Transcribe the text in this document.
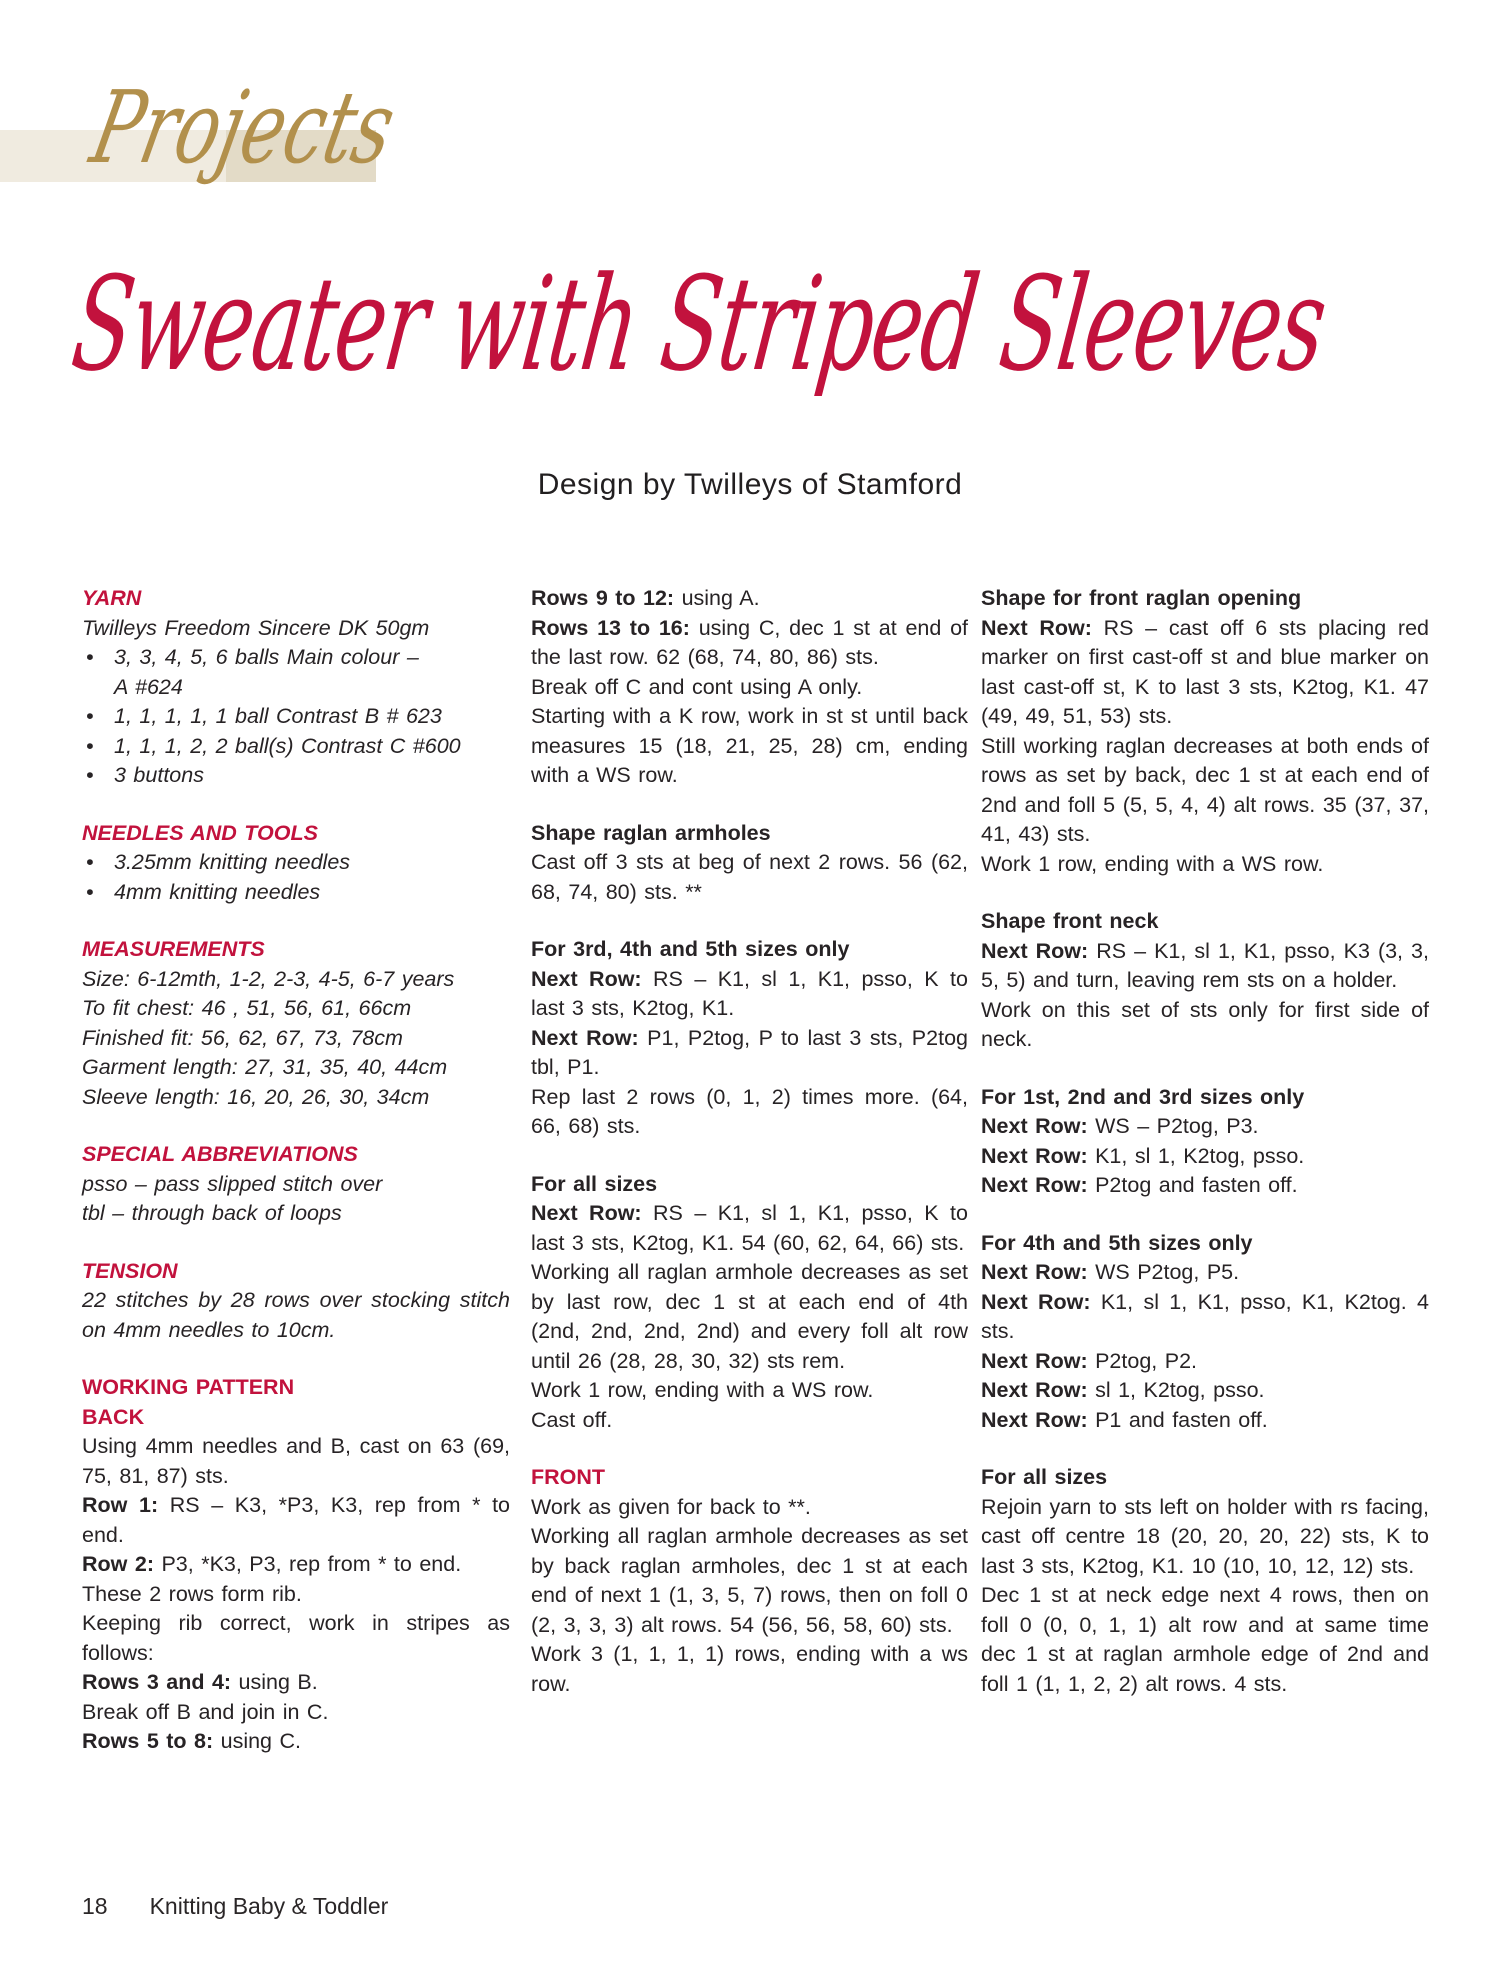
Projects
Sweater with Striped Sleeves
Design by Twilleys of Stamford
YARN
Twilleys Freedom Sincere DK 50gm
• 3, 3, 4, 5, 6 balls Main colour –
A #624
• 1, 1, 1, 1, 1 ball Contrast B # 623
• 1, 1, 1, 2, 2 ball(s) Contrast C #600
• 3 buttons
NEEDLES AND TOOLS
• 3.25mm knitting needles
• 4mm knitting needles
MEASUREMENTS
Size: 6-12mth, 1-2, 2-3, 4-5, 6-7 years
To fit chest: 46 , 51, 56, 61, 66cm
Finished fit: 56, 62, 67, 73, 78cm
Garment length: 27, 31, 35, 40, 44cm
Sleeve length: 16, 20, 26, 30, 34cm
SPECIAL ABBREVIATIONS
psso – pass slipped stitch over
tbl – through back of loops
TENSION
22 stitches by 28 rows over stocking stitch on 4mm needles to 10cm.
WORKING PATTERN
BACK
Using 4mm needles and B, cast on 63 (69, 75, 81, 87) sts.
Row 1: RS – K3, *P3, K3, rep from * to end.
Row 2: P3, *K3, P3, rep from * to end.
These 2 rows form rib.
Keeping rib correct, work in stripes as follows:
Rows 3 and 4: using B.
Break off B and join in C.
Rows 5 to 8: using C.
Rows 9 to 12: using A.
Rows 13 to 16: using C, dec 1 st at end of the last row. 62 (68, 74, 80, 86) sts.
Break off C and cont using A only.
Starting with a K row, work in st st until back measures 15 (18, 21, 25, 28) cm, ending with a WS row.
Shape raglan armholes
Cast off 3 sts at beg of next 2 rows. 56 (62, 68, 74, 80) sts. **
For 3rd, 4th and 5th sizes only
Next Row: RS – K1, sl 1, K1, psso, K to last 3 sts, K2tog, K1.
Next Row: P1, P2tog, P to last 3 sts, P2tog tbl, P1.
Rep last 2 rows (0, 1, 2) times more. (64, 66, 68) sts.
For all sizes
Next Row: RS – K1, sl 1, K1, psso, K to last 3 sts, K2tog, K1. 54 (60, 62, 64, 66) sts.
Working all raglan armhole decreases as set by last row, dec 1 st at each end of 4th (2nd, 2nd, 2nd, 2nd) and every foll alt row until 26 (28, 28, 30, 32) sts rem.
Work 1 row, ending with a WS row.
Cast off.
FRONT
Work as given for back to **.
Working all raglan armhole decreases as set by back raglan armholes, dec 1 st at each end of next 1 (1, 3, 5, 7) rows, then on foll 0 (2, 3, 3, 3) alt rows. 54 (56, 56, 58, 60) sts.
Work 3 (1, 1, 1, 1) rows, ending with a ws row.
Shape for front raglan opening
Next Row: RS – cast off 6 sts placing red marker on first cast-off st and blue marker on last cast-off st, K to last 3 sts, K2tog, K1. 47 (49, 49, 51, 53) sts.
Still working raglan decreases at both ends of rows as set by back, dec 1 st at each end of 2nd and foll 5 (5, 5, 4, 4) alt rows. 35 (37, 37, 41, 43) sts.
Work 1 row, ending with a WS row.
Shape front neck
Next Row: RS – K1, sl 1, K1, psso, K3 (3, 3, 5, 5) and turn, leaving rem sts on a holder.
Work on this set of sts only for first side of neck.
For 1st, 2nd and 3rd sizes only
Next Row: WS – P2tog, P3.
Next Row: K1, sl 1, K2tog, psso.
Next Row: P2tog and fasten off.
For 4th and 5th sizes only
Next Row: WS P2tog, P5.
Next Row: K1, sl 1, K1, psso, K1, K2tog. 4 sts.
Next Row: P2tog, P2.
Next Row: sl 1, K2tog, psso.
Next Row: P1 and fasten off.
For all sizes
Rejoin yarn to sts left on holder with rs facing, cast off centre 18 (20, 20, 20, 22) sts, K to last 3 sts, K2tog, K1. 10 (10, 10, 12, 12) sts.
Dec 1 st at neck edge next 4 rows, then on foll 0 (0, 0, 1, 1) alt row and at same time dec 1 st at raglan armhole edge of 2nd and foll 1 (1, 1, 2, 2) alt rows. 4 sts.
18 Knitting Baby & Toddler
